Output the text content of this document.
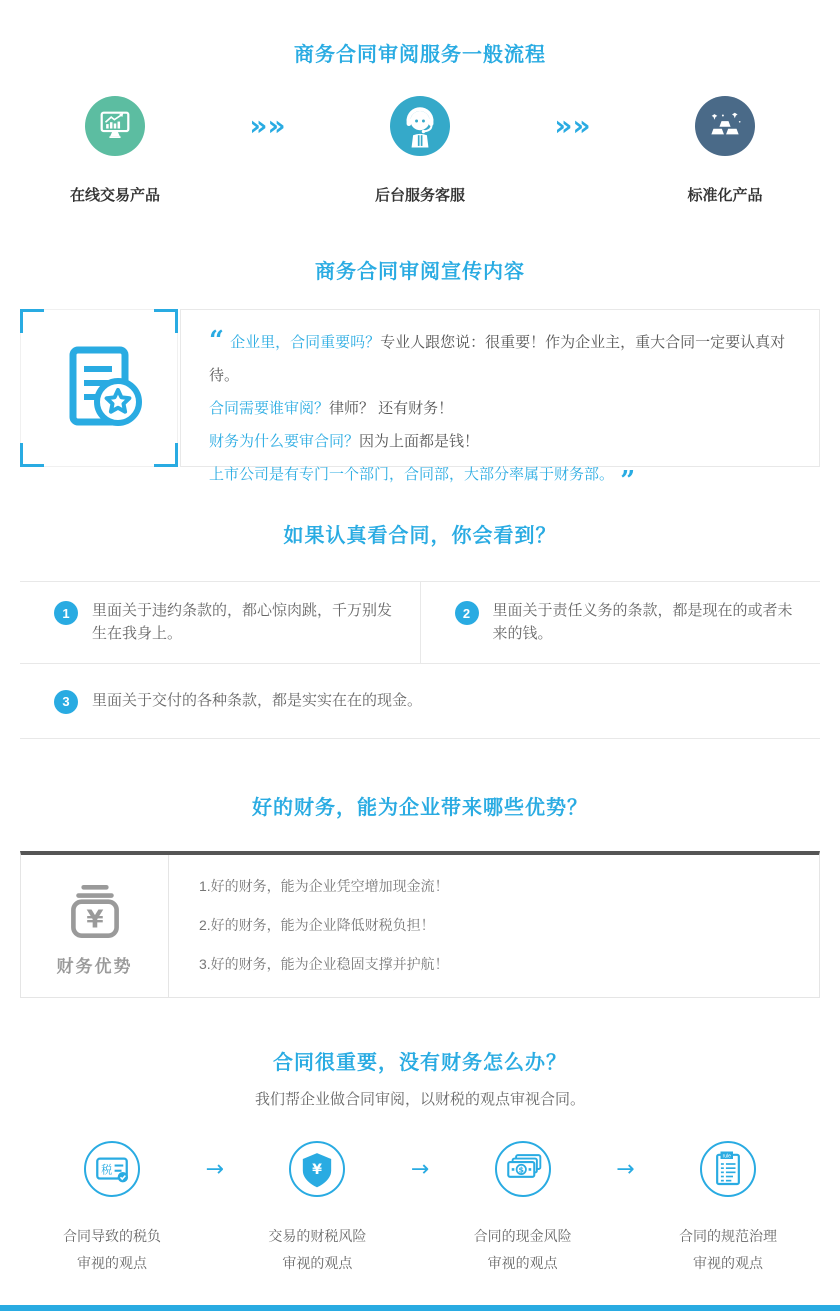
商务合同审阅服务一般流程
在线交易产品
»»
后台服务客服
»»
标准化产品
商务合同审阅宣传内容

“ 企业里，合同重要吗？专业人跟您说：很重要！作为企业主，重大合同一定要认真对待。

合同需要谁审阅？律师？ 还有财务！

财务为什么要审合同？因为上面都是钱！

上市公司是有专门一个部门，合同部，大部分率属于财务部。 ”

如果认真看合同，你会看到？
1	里面关于违约条款的，都心惊肉跳，千万别发生在我身上。
2	里面关于责任义务的条款，都是现在的或者未来的钱。
3	里面关于交付的各种条款，都是实实在在的现金。
好的财务，能为企业带来哪些优势？
¥
财务优势

1.好的财务，能为企业凭空增加现金流！

2.好的财务，能为企业降低财税负担！

3.好的财务，能为企业稳固支撑并护航！

合同很重要，没有财务怎么办？

我们帮企业做合同审阅，以财税的观点审视合同。

税
合同导致的税负
审视的观点
→	¥
交易的财税风险
审视的观点
→	$
合同的现金风险
审视的观点
→
rule
合同的规范治理
审视的观点
